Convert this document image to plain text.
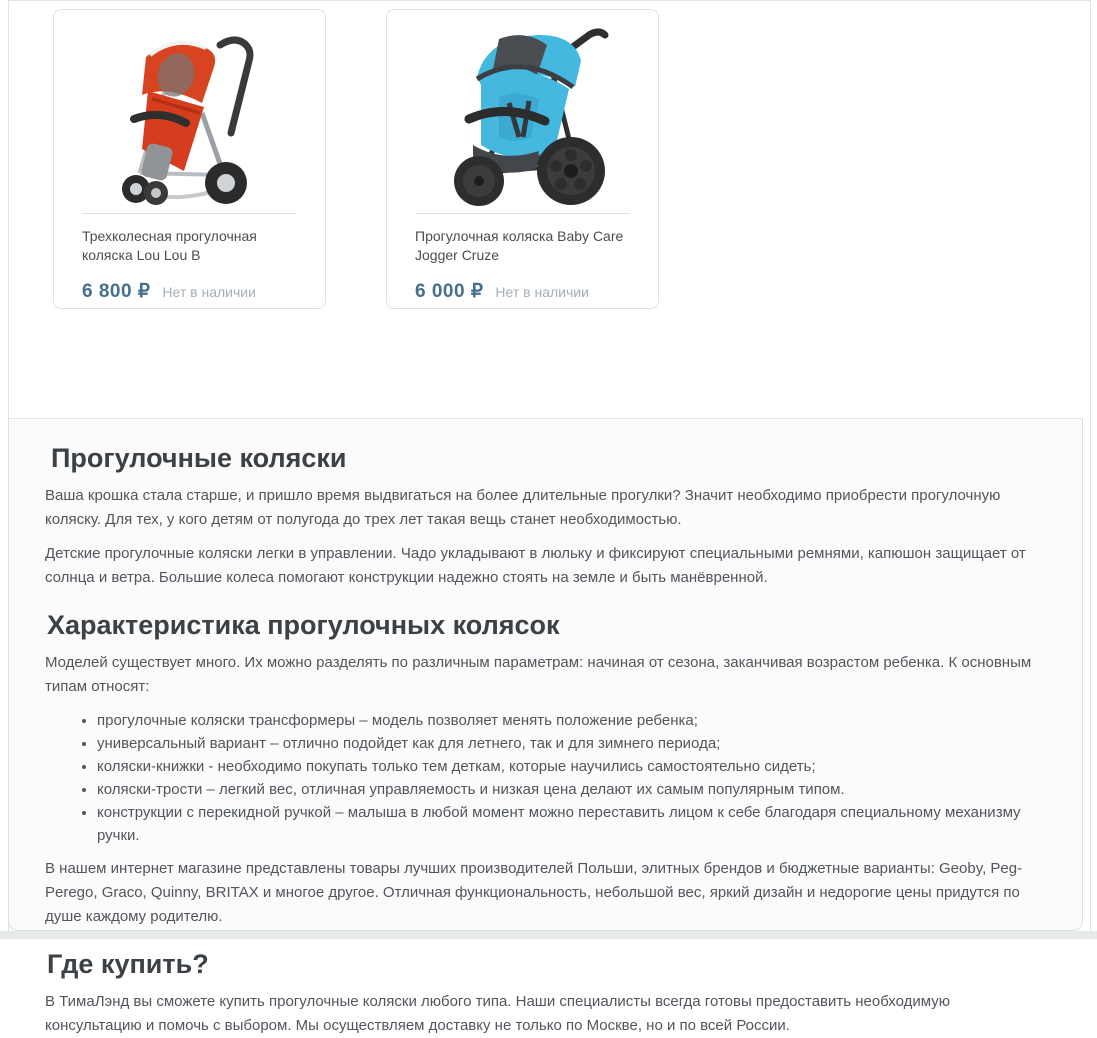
Трехколесная прогулочная коляска Lou Lou B
6 800 ₽ Нет в наличии
Прогулочная коляска Baby Care Jogger Cruze
6 000 ₽ Нет в наличии
Прогулочные коляски

Ваша крошка стала старше, и пришло время выдвигаться на более длительные прогулки? Значит необходимо приобрести прогулочную коляску. Для тех, у кого детям от полугода до трех лет такая вещь станет необходимостью.

Детские прогулочные коляски легки в управлении. Чадо укладывают в люльку и фиксируют специальными ремнями, капюшон защищает от солнца и ветра. Большие колеса помогают конструкции надежно стоять на земле и быть манёвренной.

Характеристика прогулочных колясок

Моделей существует много. Их можно разделять по различным параметрам: начиная от сезона, заканчивая возрастом ребенка. К основным типам относят:

• прогулочные коляски трансформеры – модель позволяет менять положение ребенка;
• универсальный вариант – отлично подойдет как для летнего, так и для зимнего периода;
• коляски-книжки - необходимо покупать только тем деткам, которые научились самостоятельно сидеть;
• коляски-трости – легкий вес, отличная управляемость и низкая цена делают их самым популярным типом.
• конструкции с перекидной ручкой – малыша в любой момент можно переставить лицом к себе благодаря специальному механизму ручки.

В нашем интернет магазине представлены товары лучших производителей Польши, элитных брендов и бюджетные варианты: Geoby, Peg-Perego, Graco, Quinny, BRITAX и многое другое. Отличная функциональность, небольшой вес, яркий дизайн и недорогие цены придутся по душе каждому родителю.

Где купить?

В ТимаЛэнд вы сможете купить прогулочные коляски любого типа. Наши специалисты всегда готовы предоставить необходимую консультацию и помочь с выбором. Мы осуществляем доставку не только по Москве, но и по всей России.
